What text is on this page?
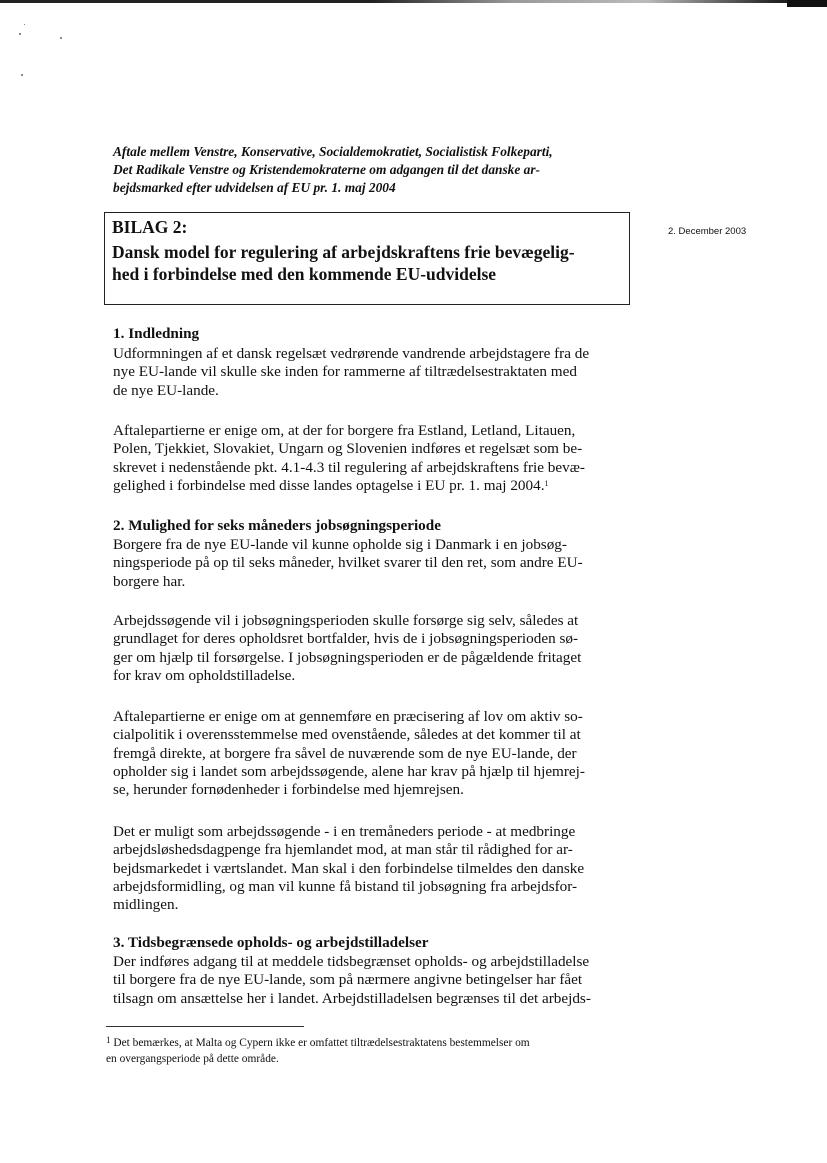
Aftale mellem Venstre, Konservative, Socialdemokratiet, Socialistisk Folkeparti,
Det Radikale Venstre og Kristendemokraterne om adgangen til det danske ar-
bejdsmarked efter udvidelsen af EU pr. 1. maj 2004
BILAG 2:
Dansk model for regulering af arbejdskraftens frie bevægelig-
hed i forbindelse med den kommende EU-udvidelse
2. December 2003
1. Indledning
Udformningen af et dansk regelsæt vedrørende vandrende arbejdstagere fra de
nye EU-lande vil skulle ske inden for rammerne af tiltrædelsestraktaten med
de nye EU-lande.
Aftalepartierne er enige om, at der for borgere fra Estland, Letland, Litauen,
Polen, Tjekkiet, Slovakiet, Ungarn og Slovenien indføres et regelsæt som be-
skrevet i nedenstående pkt. 4.1-4.3 til regulering af arbejdskraftens frie bevæ-
gelighed i forbindelse med disse landes optagelse i EU pr. 1. maj 2004.$^1$
2. Mulighed for seks måneders jobsøgningsperiode
Borgere fra de nye EU-lande vil kunne opholde sig i Danmark i en jobsøg-
ningsperiode på op til seks måneder, hvilket svarer til den ret, som andre EU-
borgere har.
Arbejdssøgende vil i jobsøgningsperioden skulle forsørge sig selv, således at
grundlaget for deres opholdsret bortfalder, hvis de i jobsøgningsperioden sø-
ger om hjælp til forsørgelse. I jobsøgningsperioden er de pågældende fritaget
for krav om opholdstilladelse.
Aftalepartierne er enige om at gennemføre en præcisering af lov om aktiv so-
cialpolitik i overensstemmelse med ovenstående, således at det kommer til at
fremgå direkte, at borgere fra såvel de nuværende som de nye EU-lande, der
opholder sig i landet som arbejdssøgende, alene har krav på hjælp til hjemrej-
se, herunder fornødenheder i forbindelse med hjemrejsen.
Det er muligt som arbejdssøgende - i en tremåneders periode - at medbringe
arbejdsløshedsdagpenge fra hjemlandet mod, at man står til rådighed for ar-
bejdsmarkedet i værtslandet. Man skal i den forbindelse tilmeldes den danske
arbejdsformidling, og man vil kunne få bistand til jobsøgning fra arbejdsfor-
midlingen.
3. Tidsbegrænsede opholds- og arbejdstilladelser
Der indføres adgang til at meddele tidsbegrænset opholds- og arbejdstilladelse
til borgere fra de nye EU-lande, som på nærmere angivne betingelser har fået
tilsagn om ansættelse her i landet. Arbejdstilladelsen begrænses til det arbejds-
$^1$ Det bemærkes, at Malta og Cypern ikke er omfattet tiltrædelsestraktatens bestemmelser om
en overgangsperiode på dette område.
